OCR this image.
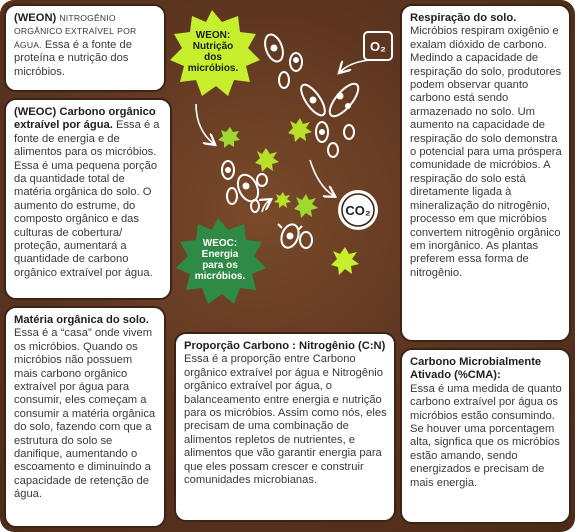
O₂
CO₂
WEON: Nutrição dos micróbios.
WEOC: Energia para os micróbios.
(WEON) NITROGÊNIO ORGÂNICO EXTRAÍVEL POR ÁGUA. Essa é a fonte de proteína e nutrição dos micróbios.
(WEOC) Carbono orgânico extraível por água. Essa é a fonte de energia e de alimentos para os micróbios. Essa é uma pequena porção da quantidade total de matéria orgânica do solo. O aumento do estrume, do composto orgânico e das culturas de cobertura/ proteção, aumentará a quantidade de carbono orgânico extraível por água.
Matéria orgânica do solo.
Essa é a “casa” onde vivem os micróbios. Quando os micróbios não possuem mais carbono orgânico extraível por água para consumir, eles começam a consumir a matéria orgânica do solo, fazendo com que a estrutura do solo se danifique, aumentando o escoamento e diminuindo a capacidade de retenção de água.
Proporção Carbono : Nitrogênio (C:N)
Essa é a proporção entre Carbono orgânico extraível por água e Nitrogênio orgânico extraível por água, o balanceamento entre energia e nutrição para os micróbios. Assim como nós, eles precisam de uma combinação de alimentos repletos de nutrientes, e alimentos que vão garantir energia para que eles possam crescer e construir comunidades microbianas.
Respiração do solo.
Micróbios respiram oxigênio e exalam dióxido de carbono. Medindo a capacidade de respiração do solo, produtores podem observar quanto carbono está sendo armazenado no solo. Um aumento na capacidade de respiração do solo demonstra o potencial para uma próspera comunidade de micróbios. A respiração do solo está diretamente ligada à mineralização do nitrogênio, processo em que micróbios convertem nitrogênio orgânico em inorgânico. As plantas preferem essa forma de nitrogênio.
Carbono Microbialmente Ativado (%CMA):
Essa é uma medida de quanto carbono extraível por água os micróbios estão consumindo. Se houver uma porcentagem alta, signfica que os micróbios estão amando, sendo energizados e precisam de mais energia.
